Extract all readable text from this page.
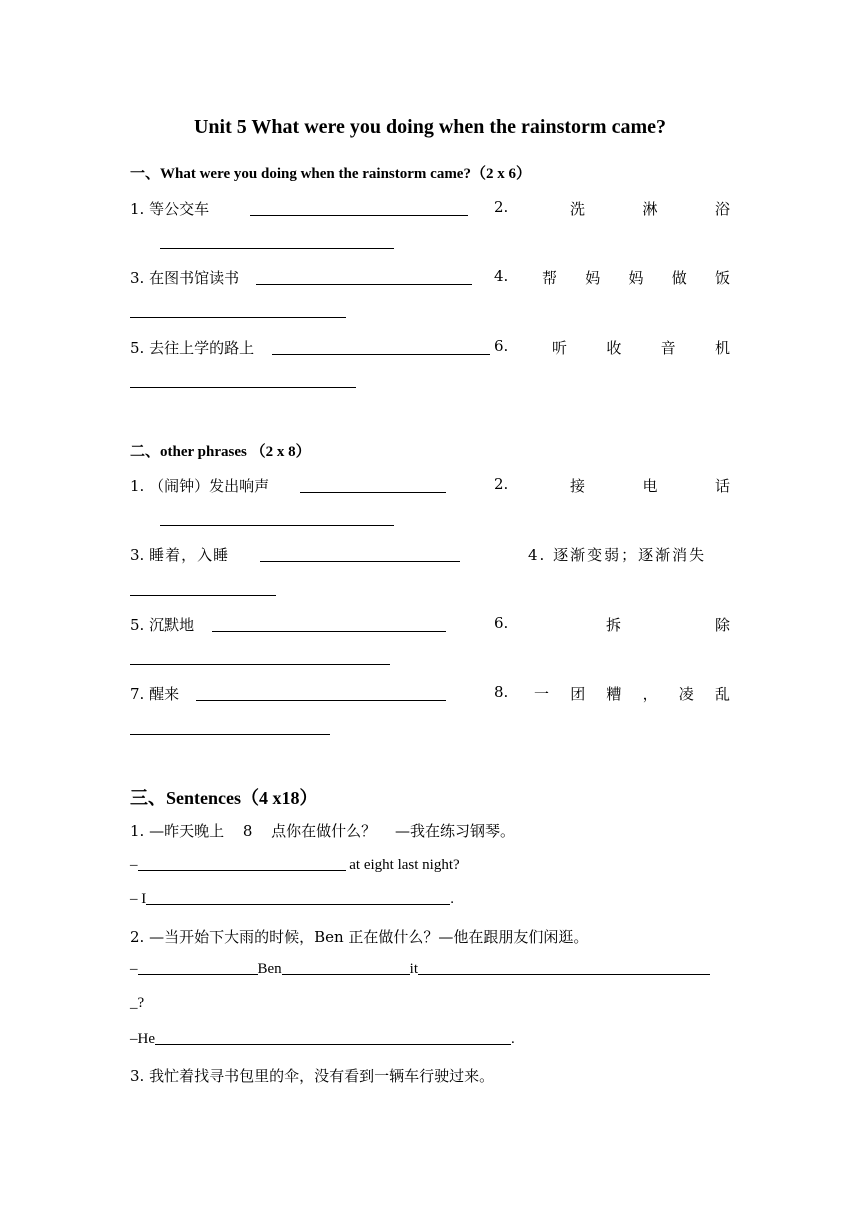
Unit 5 What were you doing when the rainstorm came?
一、What were you doing when the rainstorm came?（2 x 6）
1. 等公交车	2.	洗	淋	浴
3. 在图书馆读书	4. 帮 妈 妈 做 饭
5. 去往上学的路上	6.	听	收	音	机
二、other phrases （2 x 8）
1. （闹钟）发出响声	2.	接	电	话
3. 睡着，入睡	4. 逐渐变弱；逐渐消失
5. 沉默地	6.	拆	除
7. 醒来	8. 一 团 糟 ， 凌 乱
三、Sentences（4 x18）
1. —昨天晚上 8 点你在做什么？ —我在练习钢琴。
–	at eight last night?
– I	.
2. —当开始下大雨的时候，Ben 正在做什么？—他在跟朋友们闲逛。
–	Ben	it
_?
–He	.
3. 我忙着找寻书包里的伞，没有看到一辆车行驶过来。
